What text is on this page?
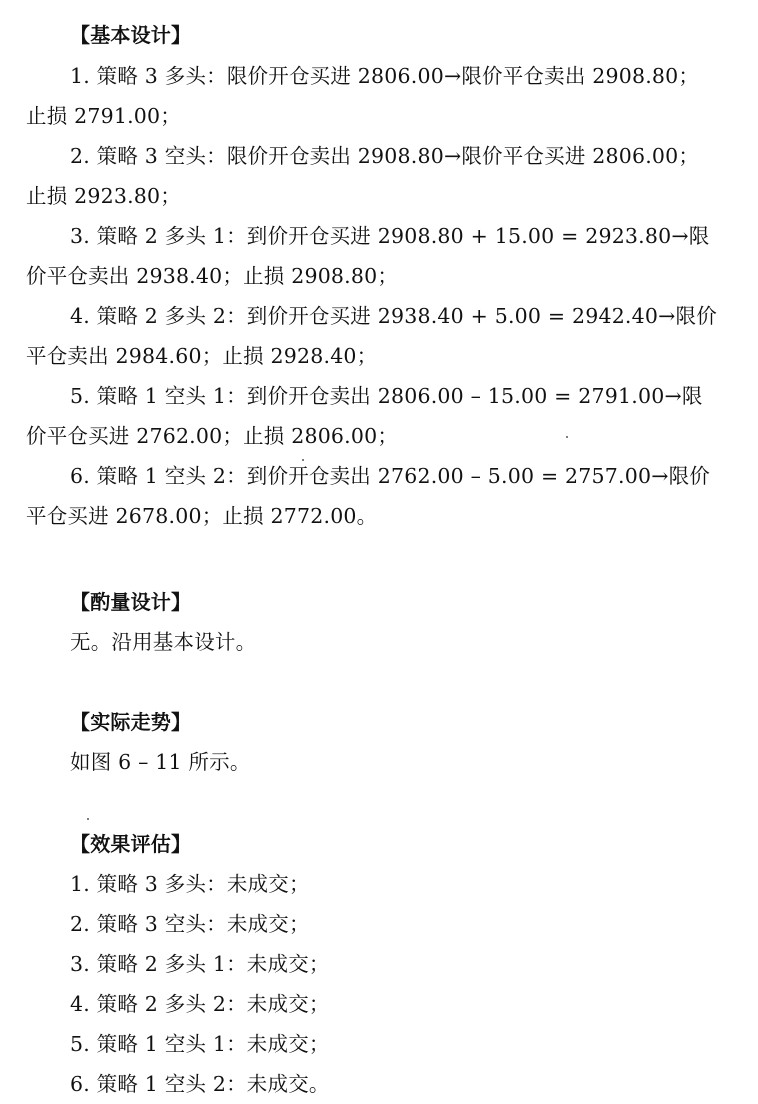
【基本设计】
1. 策略 3 多头：限价开仓买进 2806.00→限价平仓卖出 2908.80；
止损 2791.00；
2. 策略 3 空头：限价开仓卖出 2908.80→限价平仓买进 2806.00；
止损 2923.80；
3. 策略 2 多头 1：到价开仓买进 2908.80 + 15.00 = 2923.80→限
价平仓卖出 2938.40；止损 2908.80；
4. 策略 2 多头 2：到价开仓买进 2938.40 + 5.00 = 2942.40→限价
平仓卖出 2984.60；止损 2928.40；
5. 策略 1 空头 1：到价开仓卖出 2806.00 – 15.00 = 2791.00→限
价平仓买进 2762.00；止损 2806.00；
6. 策略 1 空头 2：到价开仓卖出 2762.00 – 5.00 = 2757.00→限价
平仓买进 2678.00；止损 2772.00。
【酌量设计】
无。沿用基本设计。
【实际走势】
如图 6 – 11 所示。
【效果评估】
1. 策略 3 多头：未成交；
2. 策略 3 空头：未成交；
3. 策略 2 多头 1：未成交；
4. 策略 2 多头 2：未成交；
5. 策略 1 空头 1：未成交；
6. 策略 1 空头 2：未成交。
